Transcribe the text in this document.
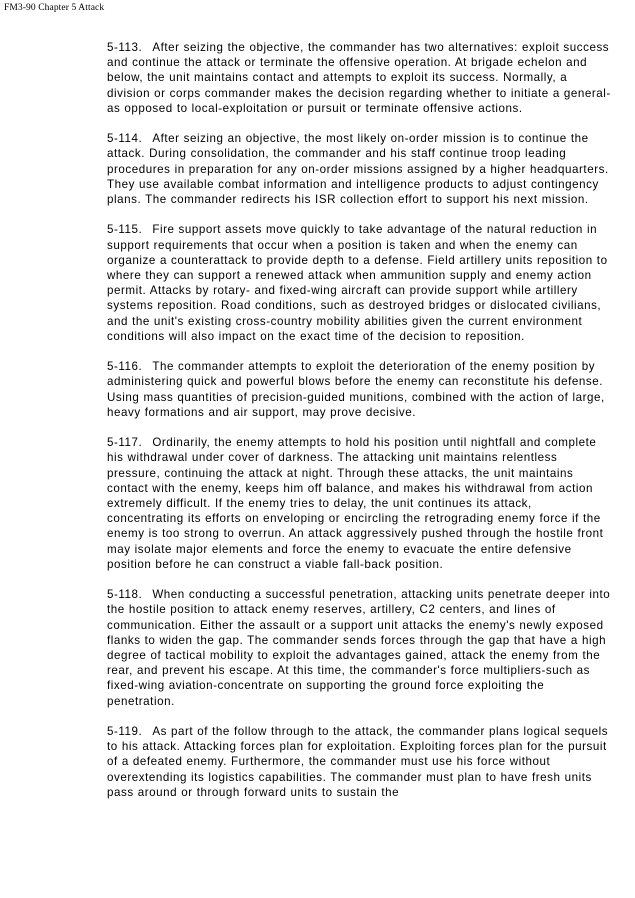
FM3-90 Chapter 5 Attack

5-113. After seizing the objective, the commander has two alternatives: exploit success and continue the attack or terminate the offensive operation. At brigade echelon and below, the unit maintains contact and attempts to exploit its success. Normally, a division or corps commander makes the decision regarding whether to initiate a general-as opposed to local-exploitation or pursuit or terminate offensive actions.

5-114. After seizing an objective, the most likely on-order mission is to continue the attack. During consolidation, the commander and his staff continue troop leading procedures in preparation for any on-order missions assigned by a higher headquarters. They use available combat information and intelligence products to adjust contingency plans. The commander redirects his ISR collection effort to support his next mission.

5-115. Fire support assets move quickly to take advantage of the natural reduction in support requirements that occur when a position is taken and when the enemy can organize a counterattack to provide depth to a defense. Field artillery units reposition to where they can support a renewed attack when ammunition supply and enemy action permit. Attacks by rotary- and fixed-wing aircraft can provide support while artillery systems reposition. Road conditions, such as destroyed bridges or dislocated civilians, and the unit's existing cross-country mobility abilities given the current environment conditions will also impact on the exact time of the decision to reposition.

5-116. The commander attempts to exploit the deterioration of the enemy position by administering quick and powerful blows before the enemy can reconstitute his defense. Using mass quantities of precision-guided munitions, combined with the action of large, heavy formations and air support, may prove decisive.

5-117. Ordinarily, the enemy attempts to hold his position until nightfall and complete his withdrawal under cover of darkness. The attacking unit maintains relentless pressure, continuing the attack at night. Through these attacks, the unit maintains contact with the enemy, keeps him off balance, and makes his withdrawal from action extremely difficult. If the enemy tries to delay, the unit continues its attack, concentrating its efforts on enveloping or encircling the retrograding enemy force if the enemy is too strong to overrun. An attack aggressively pushed through the hostile front may isolate major elements and force the enemy to evacuate the entire defensive position before he can construct a viable fall-back position.

5-118. When conducting a successful penetration, attacking units penetrate deeper into the hostile position to attack enemy reserves, artillery, C2 centers, and lines of communication. Either the assault or a support unit attacks the enemy's newly exposed flanks to widen the gap. The commander sends forces through the gap that have a high degree of tactical mobility to exploit the advantages gained, attack the enemy from the rear, and prevent his escape. At this time, the commander's force multipliers-such as fixed-wing aviation-concentrate on supporting the ground force exploiting the penetration.

5-119. As part of the follow through to the attack, the commander plans logical sequels to his attack. Attacking forces plan for exploitation. Exploiting forces plan for the pursuit of a defeated enemy. Furthermore, the commander must use his force without overextending its logistics capabilities. The commander must plan to have fresh units pass around or through forward units to sustain the
